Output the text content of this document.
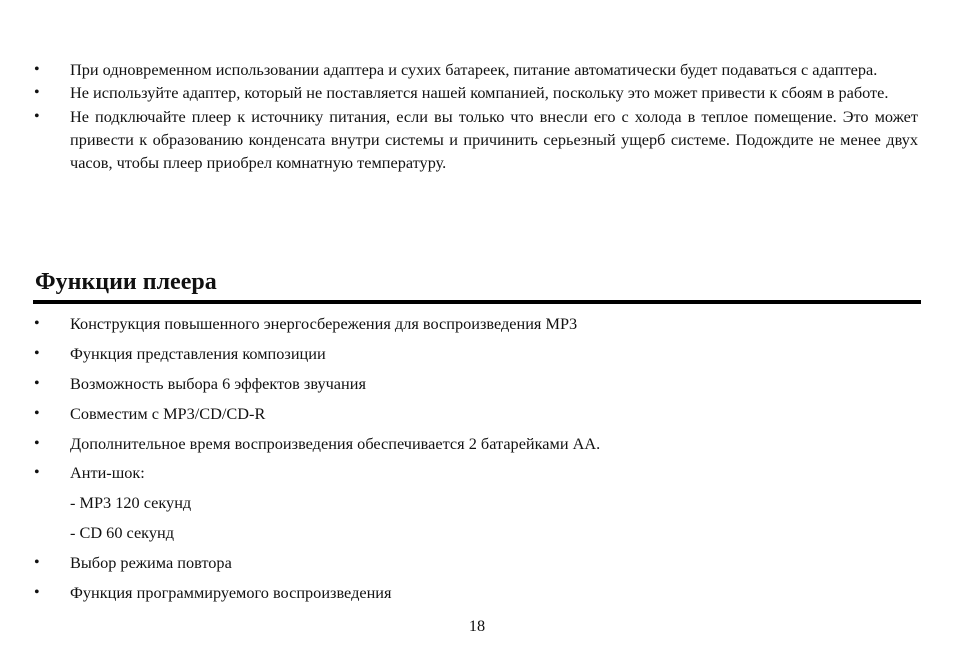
• При одновременном использовании адаптера и сухих батареек, питание автоматически будет подаваться с адаптера.
• Не используйте адаптер, который не поставляется нашей компанией, поскольку это может привести к сбоям в работе.
• Не подключайте плеер к источнику питания, если вы только что внесли его с холода в теплое помещение. Это может привести к образованию конденсата внутри системы и причинить серьезный ущерб системе. Подождите не менее двух часов, чтобы плеер приобрел комнатную температуру.
Функции плеера
• Конструкция повышенного энергосбережения для воспроизведения MP3
• Функция представления композиции
• Возможность выбора 6 эффектов звучания
• Совместим с MP3/CD/CD-R
• Дополнительное время воспроизведения обеспечивается 2 батарейками АА.
• Анти-шок:
- MP3 120 секунд
- CD 60 секунд
• Выбор режима повтора
• Функция программируемого воспроизведения
18
